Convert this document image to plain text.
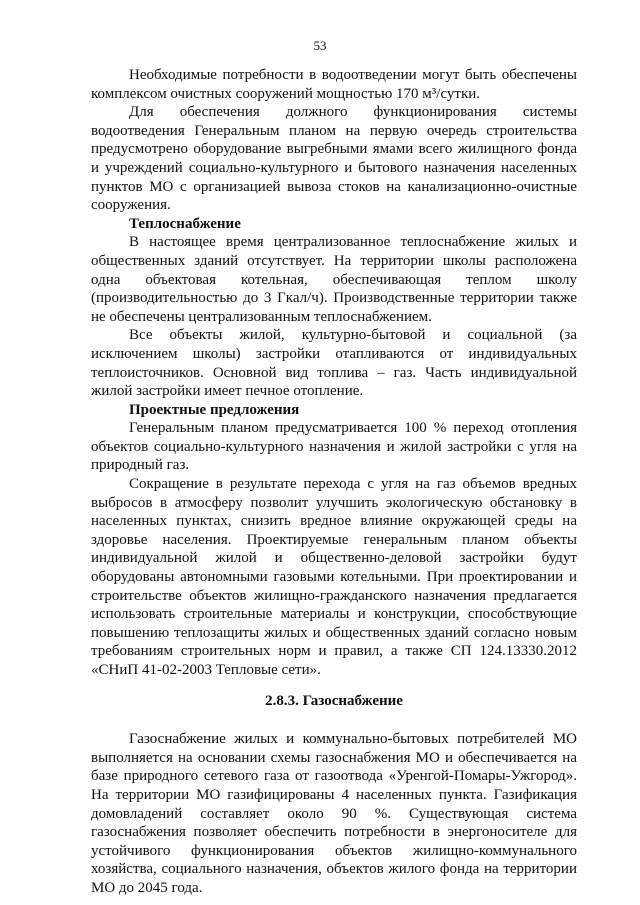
53

Необходимые потребности в водоотведении могут быть обеспечены комплексом очистных сооружений мощностью 170 м³/сутки.

Для обеспечения должного функционирования системы водоотведения Генеральным планом на первую очередь строительства предусмотрено оборудование выгребными ямами всего жилищного фонда и учреждений социально-культурного и бытового назначения населенных пунктов МО с организацией вывоза стоков на канализационно-очистные сооружения.

Теплоснабжение

В настоящее время централизованное теплоснабжение жилых и общественных зданий отсутствует. На территории школы расположена одна объектовая котельная, обеспечивающая теплом школу (производительностью до 3 Гкал/ч). Производственные территории также не обеспечены централизованным теплоснабжением.

Все объекты жилой, культурно-бытовой и социальной (за исключением школы) застройки отапливаются от индивидуальных теплоисточников. Основной вид топлива – газ. Часть индивидуальной жилой застройки имеет печное отопление.

Проектные предложения

Генеральным планом предусматривается 100 % переход отопления объектов социально-культурного назначения и жилой застройки с угля на природный газ.

Сокращение в результате перехода с угля на газ объемов вредных выбросов в атмосферу позволит улучшить экологическую обстановку в населенных пунктах, снизить вредное влияние окружающей среды на здоровье населения. Проектируемые генеральным планом объекты индивидуальной жилой и общественно-деловой застройки будут оборудованы автономными газовыми котельными. При проектировании и строительстве объектов жилищно-гражданского назначения предлагается использовать строительные материалы и конструкции, способствующие повышению теплозащиты жилых и общественных зданий согласно новым требованиям строительных норм и правил, а также СП 124.13330.2012 «СНиП 41-02-2003 Тепловые сети».

2.8.3. Газоснабжение

Газоснабжение жилых и коммунально-бытовых потребителей МО выполняется на основании схемы газоснабжения МО и обеспечивается на базе природного сетевого газа от газоотвода «Уренгой-Помары-Ужгород». На территории МО газифицированы 4 населенных пункта. Газификация домовладений составляет около 90 %. Существующая система газоснабжения позволяет обеспечить потребности в энергоносителе для устойчивого функционирования объектов жилищно-коммунального хозяйства, социального назначения, объектов жилого фонда на территории МО до 2045 года.
